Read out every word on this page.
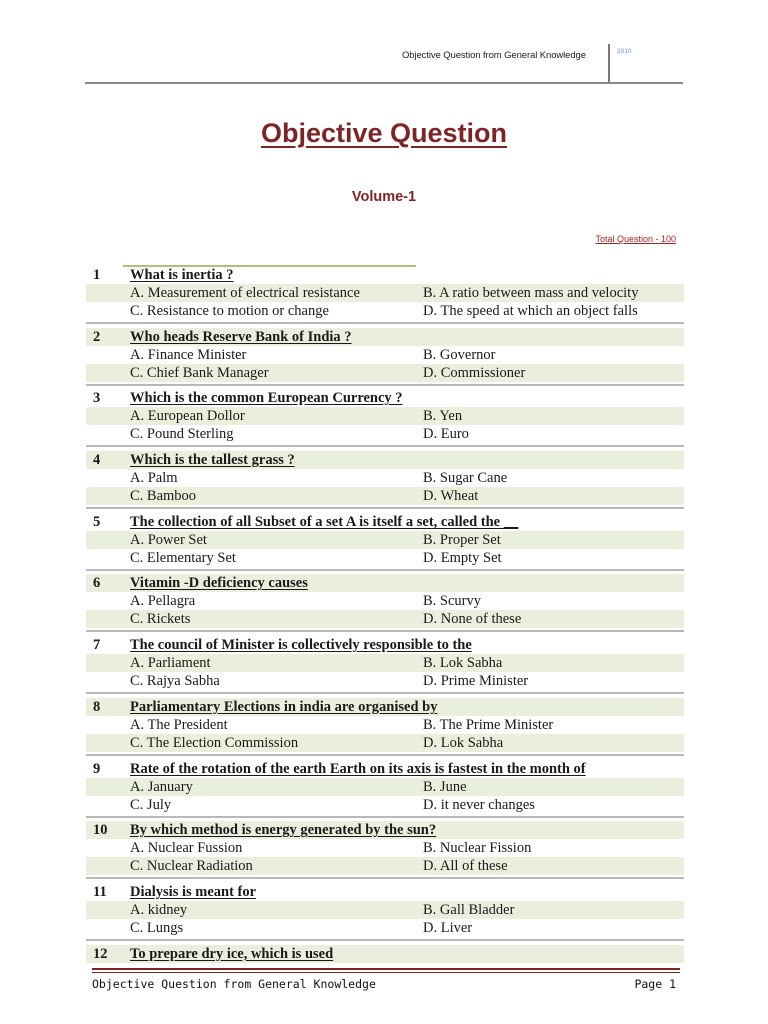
Objective Question from General Knowledge	2010
Objective Question
Volume-1
Total Question - 100
1 What is inertia ?
A. Measurement of electrical resistance	B. A ratio between mass and velocity
C. Resistance to motion or change	D. The speed at which an object falls
2 Who heads Reserve Bank of India ?
A. Finance Minister	B. Governor
C. Chief Bank Manager	D. Commissioner
3 Which is the common European Currency ?
A. European Dollor	B. Yen
C. Pound Sterling	D. Euro
4 Which is the tallest grass ?
A. Palm	B. Sugar Cane
C. Bamboo	D. Wheat
5 The collection of all Subset of a set A is itself a set, called the __
A. Power Set	B. Proper Set
C. Elementary Set	D. Empty Set
6 Vitamin -D deficiency causes
A. Pellagra	B. Scurvy
C. Rickets	D. None of these
7 The council of Minister is collectively responsible to the
A. Parliament	B. Lok Sabha
C. Rajya Sabha	D. Prime Minister
8 Parliamentary Elections in india are organised by
A. The President	B. The Prime Minister
C. The Election Commission	D. Lok Sabha
9 Rate of the rotation of the earth Earth on its axis is fastest in the month of
A. January	B. June
C. July	D. it never changes
10 By which method is energy generated by the sun?
A. Nuclear Fussion	B. Nuclear Fission
C. Nuclear Radiation	D. All of these
11 Dialysis is meant for
A. kidney	B. Gall Bladder
C. Lungs	D. Liver
12 To prepare dry ice, which is used
Objective Question from General Knowledge	Page 1
